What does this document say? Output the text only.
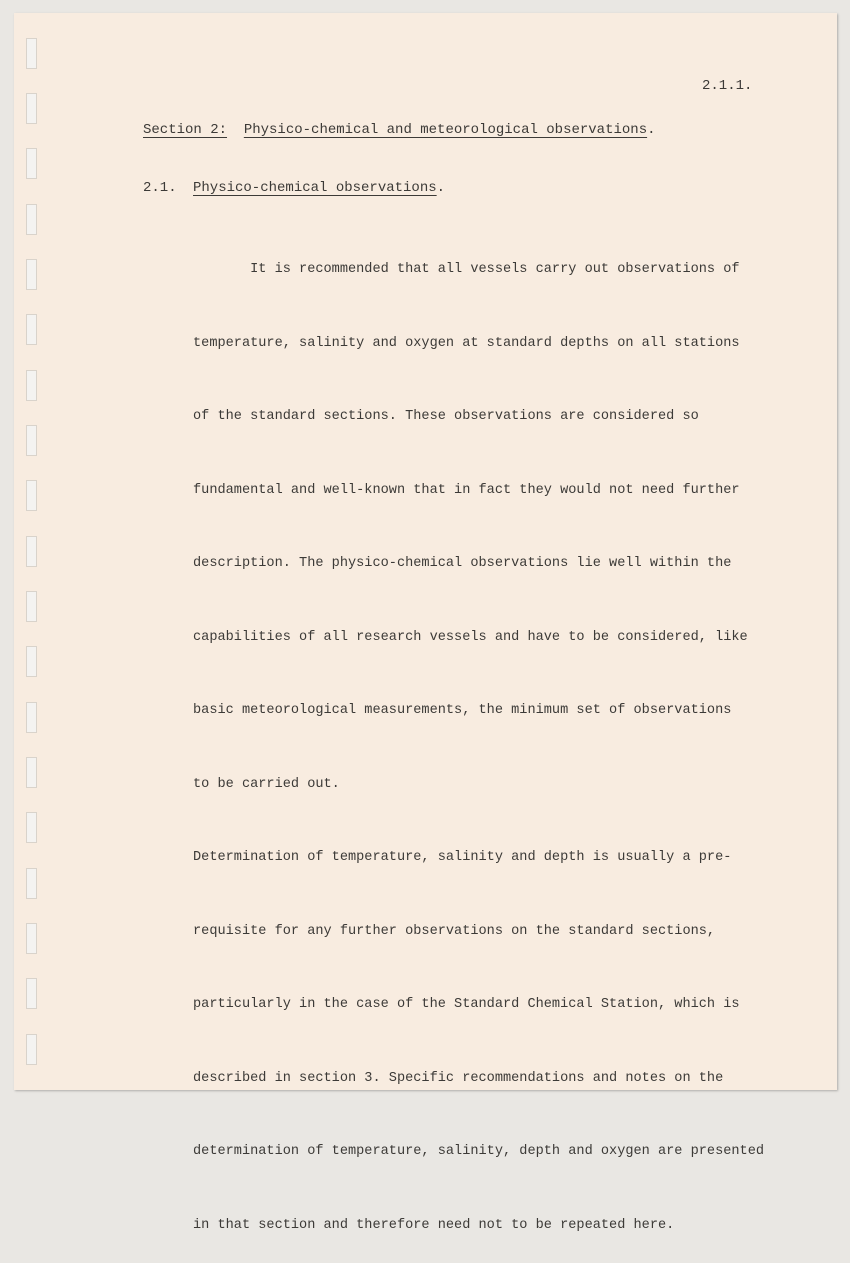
2.1.1.
Section 2: Physico-chemical and meteorological observations.
2.1. Physico-chemical observations.

It is recommended that all vessels carry out observations of

temperature, salinity and oxygen at standard depths on all stations

of the standard sections. These observations are considered so

fundamental and well-known that in fact they would not need further

description. The physico-chemical observations lie well within the

capabilities of all research vessels and have to be considered, like

basic meteorological measurements, the minimum set of observations

to be carried out.

Determination of temperature, salinity and depth is usually a pre-

requisite for any further observations on the standard sections,

particularly in the case of the Standard Chemical Station, which is

described in section 3. Specific recommendations and notes on the

determination of temperature, salinity, depth and oxygen are presented

in that section and therefore need not to be repeated here.
